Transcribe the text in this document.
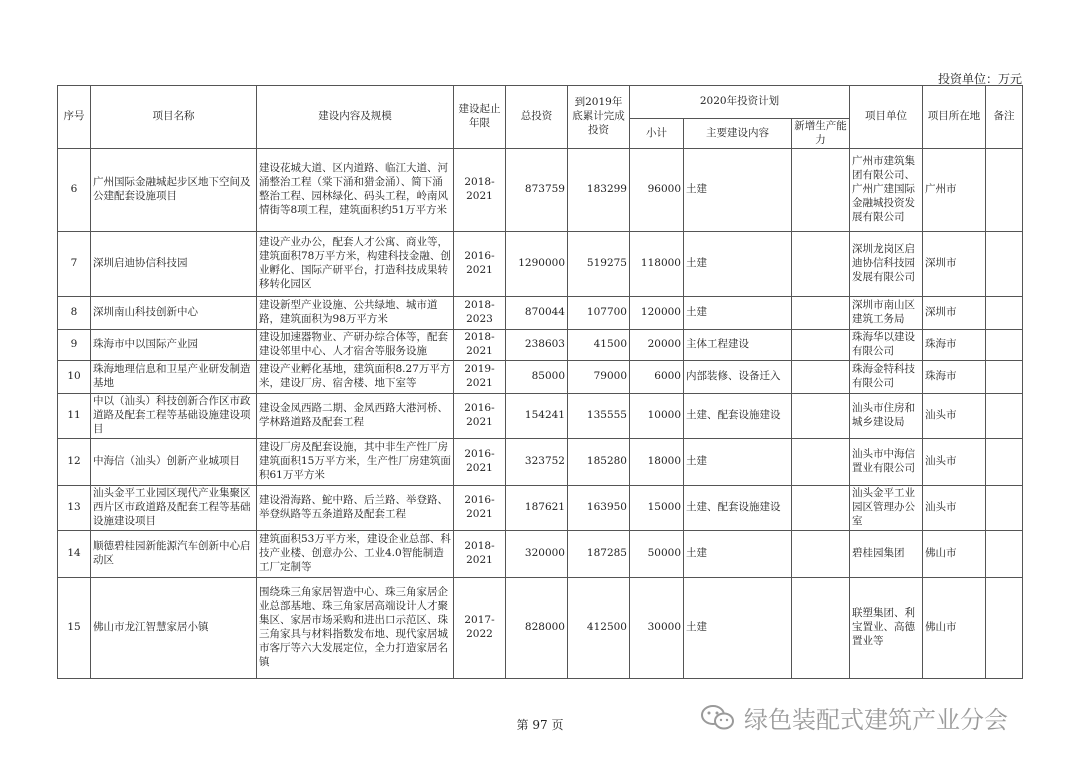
投资单位：万元
序号	项目名称	建设内容及规模	建设起止年限	总投资	到2019年底累计完成投资	2020年投资计划			项目单位	项目所在地	备注
						小计	主要建设内容	新增生产能力			
6	广州国际金融城起步区地下空间及公建配套设施项目	建设花城大道、区内道路、临江大道、河涌整治工程（棠下涌和猎金涌）、简下涌整治工程、园林绿化、码头工程，岭南风情街等8项工程，建筑面积约51万平方米	2018-2021	873759	183299	96000	土建		广州市建筑集团有限公司、广州广建国际金融城投资发展有限公司	广州市	
7	深圳启迪协信科技园	建设产业办公，配套人才公寓、商业等，建筑面积78万平方米，构建科技金融、创业孵化、国际产研平台，打造科技成果转移转化园区	2016-2021	1290000	519275	118000	土建		深圳龙岗区启迪协信科技园发展有限公司	深圳市	
8	深圳南山科技创新中心	建设新型产业设施、公共绿地、城市道路，建筑面积为98万平方米	2018-2023	870044	107700	120000	土建		深圳市南山区建筑工务局	深圳市	
9	珠海市中以国际产业园	建设加速器物业、产研办综合体等，配套建设邻里中心、人才宿舍等服务设施	2018-2021	238603	41500	20000	主体工程建设		珠海华以建设有限公司	珠海市	
10	珠海地理信息和卫星产业研发制造基地	建设产业孵化基地，建筑面积8.27万平方米，建设厂房、宿舍楼、地下室等	2019-2021	85000	79000	6000	内部装修、设备迁入		珠海金特科技有限公司	珠海市	
11	中以（汕头）科技创新合作区市政道路及配套工程等基础设施建设项目	建设金凤西路二期、金凤西路大港河桥、学林路道路及配套工程	2016-2021	154241	135555	10000	土建、配套设施建设		汕头市住房和城乡建设局	汕头市	
12	中海信（汕头）创新产业城项目	建设厂房及配套设施，其中非生产性厂房建筑面积15万平方米，生产性厂房建筑面积61万平方米	2016-2021	323752	185280	18000	土建		汕头市中海信置业有限公司	汕头市	
13	汕头金平工业园区现代产业集聚区西片区市政道路及配套工程等基础设施建设项目	建设滑海路、鮀中路、后兰路、举登路、举登纵路等五条道路及配套工程	2016-2021	187621	163950	15000	土建、配套设施建设		汕头金平工业园区管理办公室	汕头市	
14	顺德碧桂园新能源汽车创新中心启动区	建筑面积53万平方米，建设企业总部、科技产业楼、创意办公、工业4.0智能制造工厂定制等	2018-2021	320000	187285	50000	土建		碧桂园集团	佛山市	
15	佛山市龙江智慧家居小镇	围绕珠三角家居智造中心、珠三角家居企业总部基地、珠三角家居高端设计人才聚集区、家居市场采购和进出口示范区、珠三角家具与材料指数发布地、现代家居城市客厅等六大发展定位，全力打造家居名镇	2017-2022	828000	412500	30000	土建		联塑集团、利宝置业、高德置业等	佛山市	
第 97 页	绿色装配式建筑产业分会
